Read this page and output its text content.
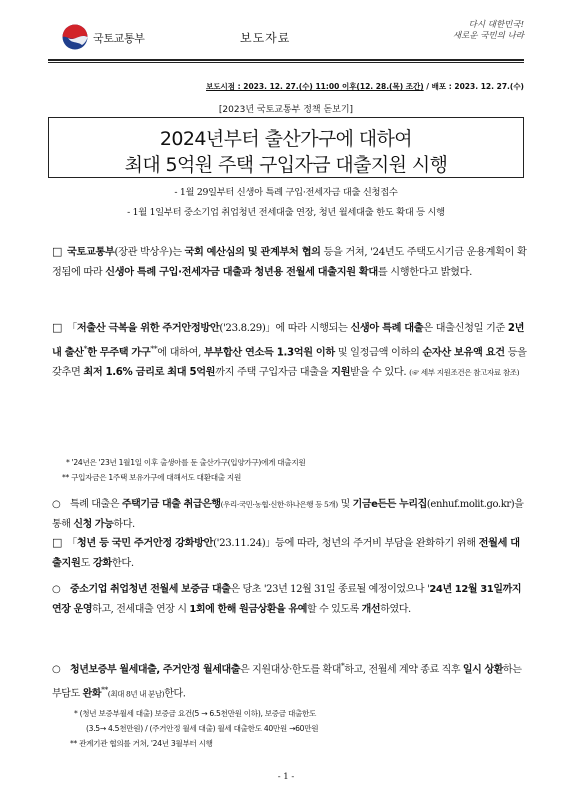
국토교통부	보도자료
다시 대한민국!
새로운 국민의 나라
보도시점 : 2023. 12. 27.(수) 11:00 이후(12. 28.(목) 조간) / 배포 : 2023. 12. 27.(수)
[2023년 국토교통부 정책 돋보기]
2024년부터 출산가구에 대하여
최대 5억원 주택 구입자금 대출지원 시행
- 1월 29일부터 신생아 특례 구입·전세자금 대출 신청접수
- 1월 1일부터 중소기업 취업청년 전세대출 연장, 청년 월세대출 한도 확대 등 시행
□ 국토교통부(장관 박상우)는 국회 예산심의 및 관계부처 협의 등을 거쳐, '24년도 주택도시기금 운용계획이 확정됨에 따라 신생아 특례 구입·전세자금 대출과 청년용 전월세 대출지원 확대를 시행한다고 밝혔다.
□ 「저출산 극복을 위한 주거안정방안('23.8.29)」에 따라 시행되는 신생아 특례 대출은 대출신청일 기준 2년 내 출산*한 무주택 가구**에 대하여, 부부합산 연소득 1.3억원 이하 및 일정금액 이하의 순자산 보유액 요건 등을 갖추면 최저 1.6% 금리로 최대 5억원까지 주택 구입자금 대출을 지원받을 수 있다. (☞ 세부 지원조건은 참고자료 참조)
* '24년은 '23년 1월1일 이후 출생아를 둔 출산가구(입양가구)에게 대출지원
** 구입자금은 1주택 보유가구에 대해서도 대환대출 지원
○ 특례 대출은 주택기금 대출 취급은행(우리·국민·농협·신한·하나은행 등 5개) 및 기금e든든 누리집(enhuf.molit.go.kr)을 통해 신청 가능하다.
□ 「청년 등 국민 주거안정 강화방안('23.11.24)」등에 따라, 청년의 주거비 부담을 완화하기 위해 전월세 대출지원도 강화한다.
○ 중소기업 취업청년 전월세 보증금 대출은 당초 '23년 12월 31일 종료될 예정이었으나 '24년 12월 31일까지 연장 운영하고, 전세대출 연장 시 1회에 한해 원금상환을 유예할 수 있도록 개선하였다.
○ 청년보증부 월세대출, 주거안정 월세대출은 지원대상·한도를 확대*하고, 전월세 계약 종료 직후 일시 상환하는 부담도 완화**(최대 8년 내 분납)한다.
* (청년 보증부월세 대출) 보증금 요건(5 → 6.5천만원 이하), 보증금 대출한도
(3.5→ 4.5천만원) / (주거안정 월세 대출) 월세 대출한도 40만원 →60만원
** 관계기관 협의를 거쳐, '24년 3월부터 시행
- 1 -
